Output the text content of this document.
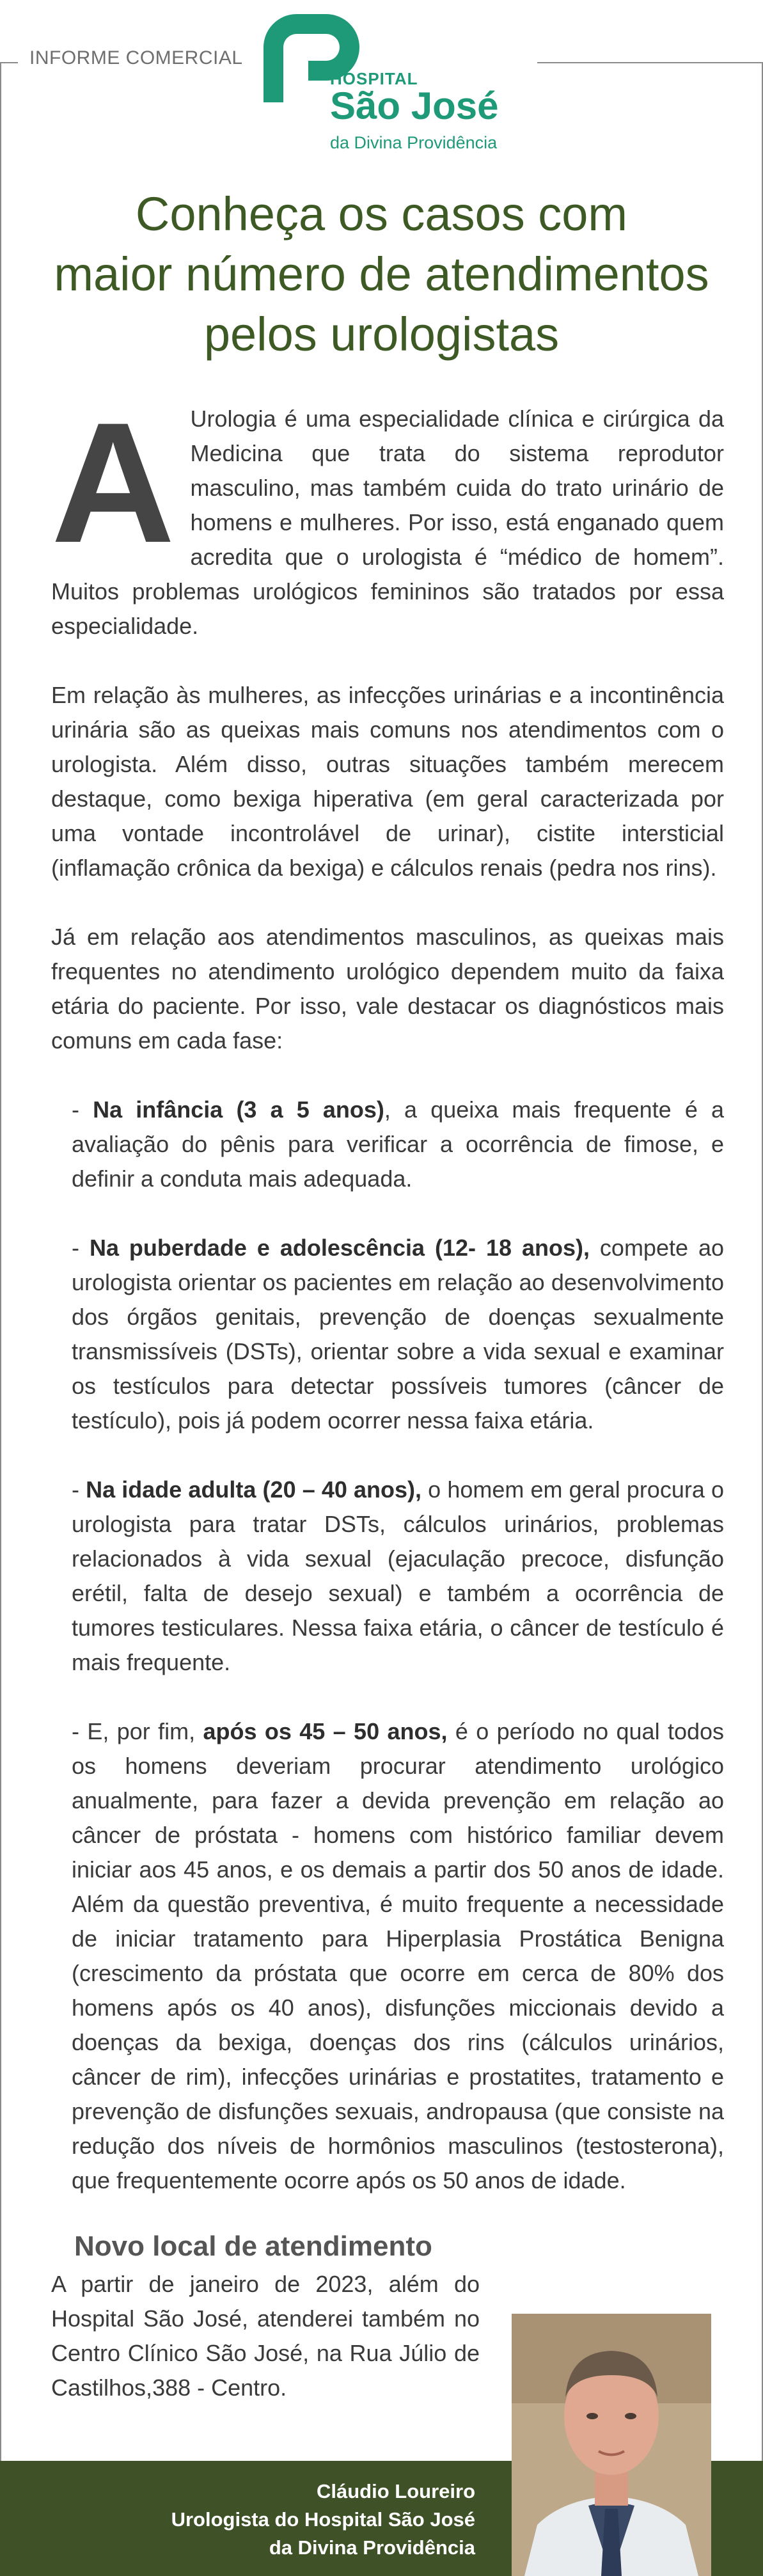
INFORME COMERCIAL
HOSPITAL
São José
da Divina Providência
Conheça os casos com
maior número de atendimentos
pelos urologistas

A Urologia é uma especialidade clínica e cirúrgica da Medicina que trata do sistema reprodutor masculino, mas também cuida do trato urinário de homens e mulheres. Por isso, está enganado quem acredita que o urologista é “médico de homem”. Muitos problemas urológicos femininos são tratados por essa especialidade.

Em relação às mulheres, as infecções urinárias e a incontinência urinária são as queixas mais comuns nos atendimentos com o urologista. Além disso, outras situações também merecem destaque, como bexiga hiperativa (em geral caracterizada por uma vontade incontrolável de urinar), cistite intersticial (inflamação crônica da bexiga) e cálculos renais (pedra nos rins).

Já em relação aos atendimentos masculinos, as queixas mais frequentes no atendimento urológico dependem muito da faixa etária do paciente. Por isso, vale destacar os diagnósticos mais comuns em cada fase:

- Na infância (3 a 5 anos), a queixa mais frequente é a avaliação do pênis para verificar a ocorrência de fimose, e definir a conduta mais adequada.

- Na puberdade e adolescência (12- 18 anos), compete ao urologista orientar os pacientes em relação ao desenvolvimento dos órgãos genitais, prevenção de doenças sexualmente transmissíveis (DSTs), orientar sobre a vida sexual e examinar os testículos para detectar possíveis tumores (câncer de testículo), pois já podem ocorrer nessa faixa etária.

- Na idade adulta (20 – 40 anos), o homem em geral procura o urologista para tratar DSTs, cálculos urinários, problemas relacionados à vida sexual (ejaculação precoce, disfunção erétil, falta de desejo sexual) e também a ocorrência de tumores testiculares. Nessa faixa etária, o câncer de testículo é mais frequente.

- E, por fim, após os 45 – 50 anos, é o período no qual todos os homens deveriam procurar atendimento urológico anualmente, para fazer a devida prevenção em relação ao câncer de próstata - homens com histórico familiar devem iniciar aos 45 anos, e os demais a partir dos 50 anos de idade. Além da questão preventiva, é muito frequente a necessidade de iniciar tratamento para Hiperplasia Prostática Benigna (crescimento da próstata que ocorre em cerca de 80% dos homens após os 40 anos), disfunções miccionais devido a doenças da bexiga, doenças dos rins (cálculos urinários, câncer de rim), infecções urinárias e prostatites, tratamento e prevenção de disfunções sexuais, andropausa (que consiste na redução dos níveis de hormônios masculinos (testosterona), que frequentemente ocorre após os 50 anos de idade.

Novo local de atendimento
A partir de janeiro de 2023, além do Hospital São José, atenderei também no Centro Clínico São José, na Rua Júlio de Castilhos,388 - Centro.
Cláudio Loureiro
Urologista do Hospital São José
da Divina Providência
